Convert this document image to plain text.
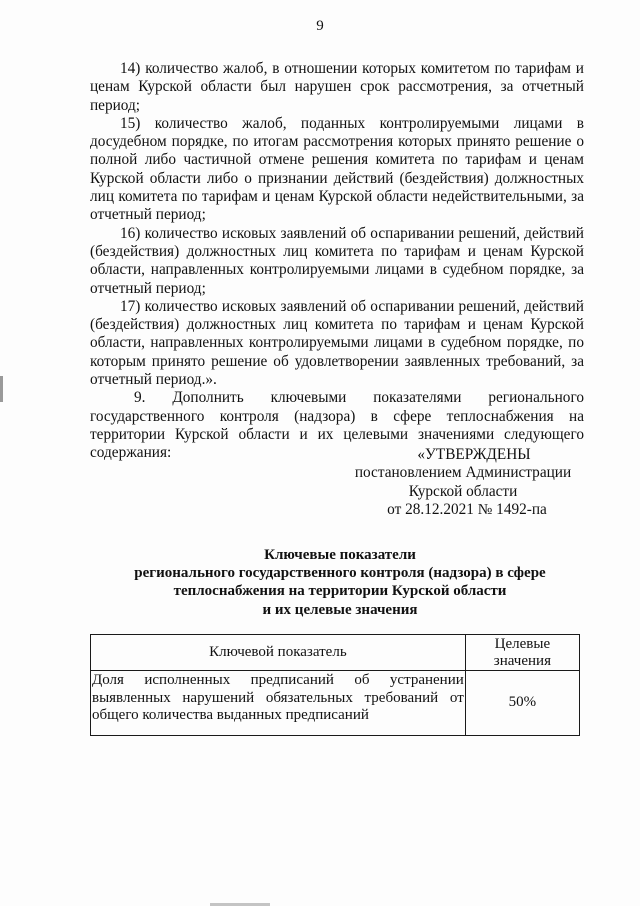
9

14) количество жалоб, в отношении которых комитетом по тарифам и ценам Курской области был нарушен срок рассмотрения, за отчетный период;

15) количество жалоб, поданных контролируемыми лицами в досудебном порядке, по итогам рассмотрения которых принято решение о полной либо частичной отмене решения комитета по тарифам и ценам Курской области либо о признании действий (бездействия) должностных лиц комитета по тарифам и ценам Курской области недействительными, за отчетный период;

16) количество исковых заявлений об оспаривании решений, действий (бездействия) должностных лиц комитета по тарифам и ценам Курской области, направленных контролируемыми лицами в судебном порядке, за отчетный период;

17) количество исковых заявлений об оспаривании решений, действий (бездействия) должностных лиц комитета по тарифам и ценам Курской области, направленных контролируемыми лицами в судебном порядке, по которым принято решение об удовлетворении заявленных требований, за отчетный период.».

9. Дополнить ключевыми показателями регионального государственного контроля (надзора) в сфере теплоснабжения на территории Курской области и их целевыми значениями следующего содержания:	«УТВЕРЖДЕНЫ
постановлением Администрации
Курской области
от 28.12.2021 № 1492-па
Ключевые показатели
регионального государственного контроля (надзора) в сфере
теплоснабжения на территории Курской области
и их целевые значения
Ключевой показатель	Целевые значения
Доля исполненных предписаний об устранении выявленных нарушений обязательных требований от общего количества выданных предписаний	50%
